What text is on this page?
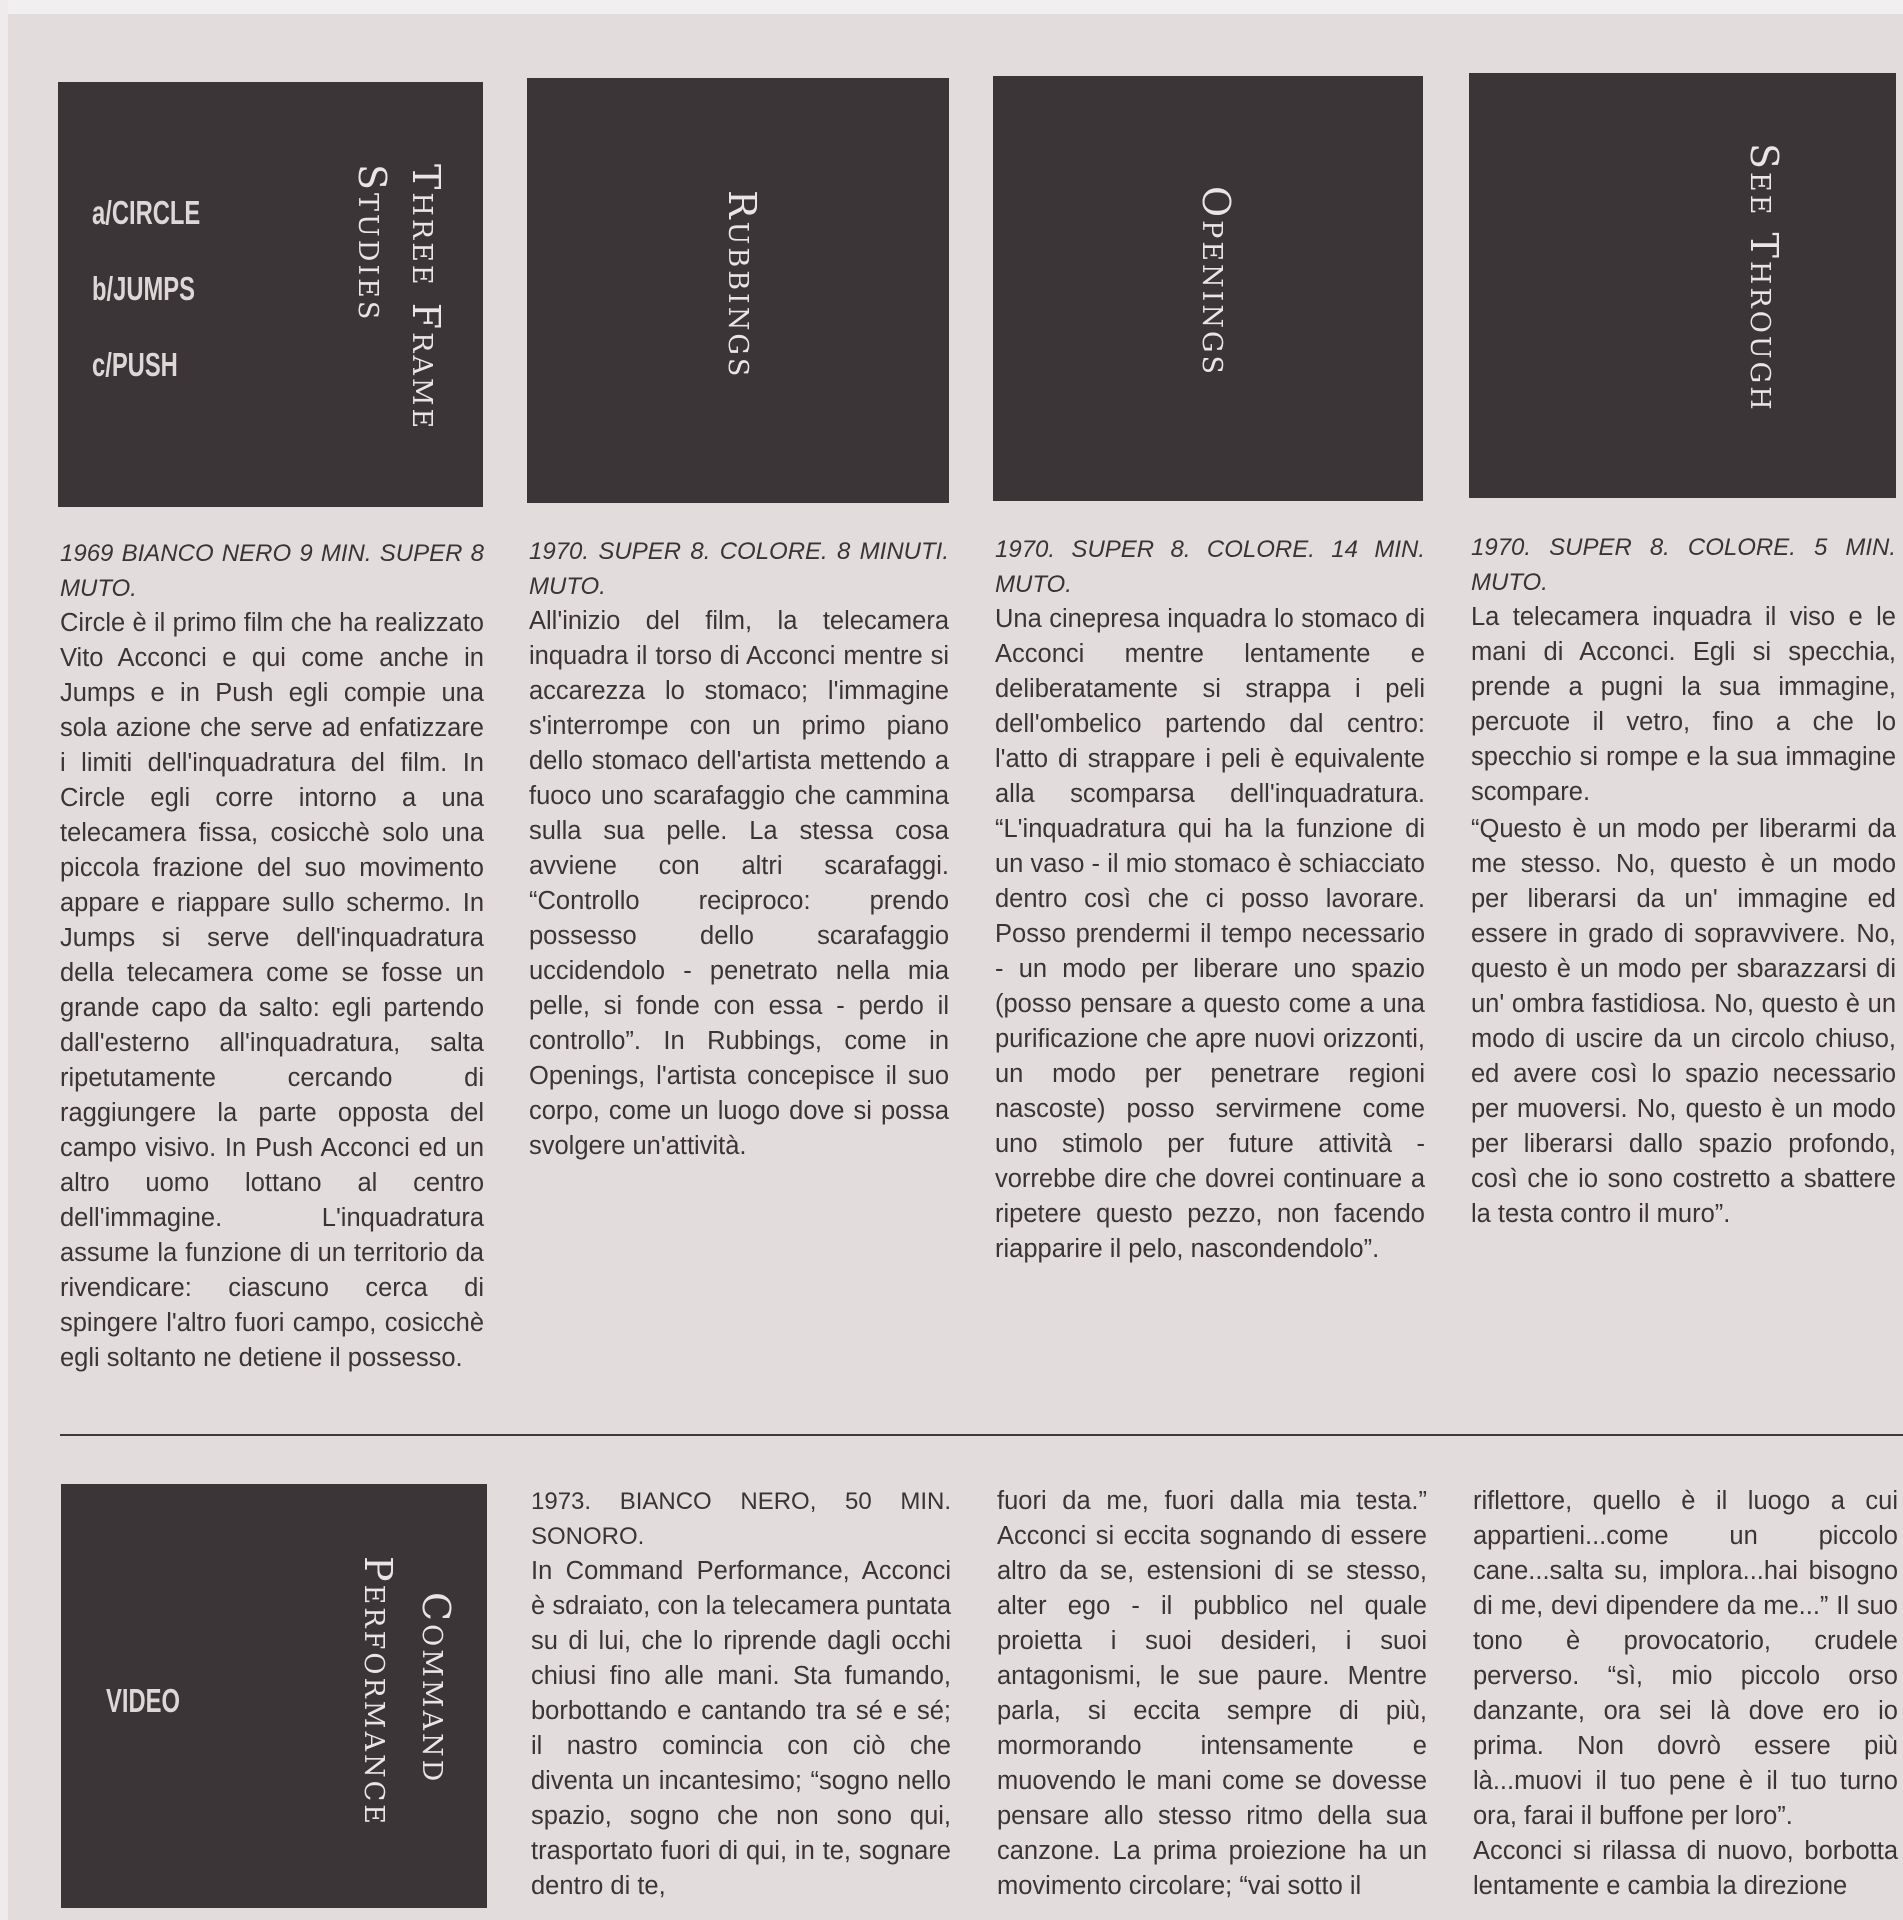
a/CIRCLE
b/JUMPS
c/PUSH	Three Frame Studies	Rubbings	Openings	See Through

1969 BIANCO NERO 9 MIN. SUPER 8 MUTO.

Circle è il primo film che ha realizzato Vito Acconci e qui come anche in Jumps e in Push egli compie una sola azione che serve ad enfatizzare i limiti dell'inquadratura del film. In Circle egli corre intorno a una telecamera fissa, cosicchè solo una piccola frazione del suo movimento appare e riappare sullo schermo. In Jumps si serve dell'inquadratura della telecamera come se fosse un grande capo da salto: egli partendo dall'esterno all'inquadratura, salta ripetutamente cercando di raggiungere la parte opposta del campo visivo. In Push Acconci ed un altro uomo lottano al centro dell'immagine. L'inquadratura assume la funzione di un territorio da rivendicare: ciascuno cerca di spingere l'altro fuori campo, cosicchè egli soltanto ne detiene il possesso.

1970. SUPER 8. COLORE. 8 MINUTI. MUTO.

All'inizio del film, la telecamera inquadra il torso di Acconci mentre si accarezza lo stomaco; l'immagine s'interrompe con un primo piano dello stomaco dell'artista mettendo a fuoco uno scarafaggio che cammina sulla sua pelle. La stessa cosa avviene con altri scarafaggi. “Controllo reciproco: prendo possesso dello scarafaggio uccidendolo - penetrato nella mia pelle, si fonde con essa - perdo il controllo”. In Rubbings, come in Openings, l'artista concepisce il suo corpo, come un luogo dove si possa svolgere un'attività.

1970. SUPER 8. COLORE. 14 MIN. MUTO.

Una cinepresa inquadra lo stomaco di Acconci mentre lentamente e deliberatamente si strappa i peli dell'ombelico partendo dal centro: l'atto di strappare i peli è equivalente alla scomparsa dell'inquadratura. “L'inquadratura qui ha la funzione di un vaso - il mio stomaco è schiacciato dentro così che ci posso lavorare. Posso prendermi il tempo necessario - un modo per liberare uno spazio (posso pensare a questo come a una purificazione che apre nuovi orizzonti, un modo per penetrare regioni nascoste) posso servirmene come uno stimolo per future attività - vorrebbe dire che dovrei continuare a ripetere questo pezzo, non facendo riapparire il pelo, nascondendolo”.

1970. SUPER 8. COLORE. 5 MIN. MUTO.

La telecamera inquadra il viso e le mani di Acconci. Egli si specchia, prende a pugni la sua immagine, percuote il vetro, fino a che lo specchio si rompe e la sua immagine scompare.

“Questo è un modo per liberarmi da me stesso. No, questo è un modo per liberarsi da un' immagine ed essere in grado di sopravvivere. No, questo è un modo per sbarazzarsi di un' ombra fastidiosa. No, questo è un modo di uscire da un circolo chiuso, ed avere così lo spazio necessario per muoversi. No, questo è un modo per liberarsi dallo spazio profondo, così che io sono costretto a sbattere la testa contro il muro”.

VIDEO	Command
Performance

1973. BIANCO NERO, 50 MIN. SONORO.

In Command Performance, Acconci è sdraiato, con la telecamera puntata su di lui, che lo riprende dagli occhi chiusi fino alle mani. Sta fumando, borbottando e cantando tra sé e sé; il nastro comincia con ciò che diventa un incantesimo; “sogno nello spazio, sogno che non sono qui, trasportato fuori di qui, in te, sognare dentro di te,

fuori da me, fuori dalla mia testa.” Acconci si eccita sognando di essere altro da se, estensioni di se stesso, alter ego - il pubblico nel quale proietta i suoi desideri, i suoi antagonismi, le sue paure. Mentre parla, si eccita sempre di più, mormorando intensamente e muovendo le mani come se dovesse pensare allo stesso ritmo della sua canzone. La prima proiezione ha un movimento circolare; “vai sotto il

riflettore, quello è il luogo a cui appartieni...come un piccolo cane...salta su, implora...hai bisogno di me, devi dipendere da me...” Il suo tono è provocatorio, crudele perverso. “sì, mio piccolo orso danzante, ora sei là dove ero io prima. Non dovrò essere più là...muovi il tuo pene è il tuo turno ora, farai il buffone per loro”.

Acconci si rilassa di nuovo, borbotta lentamente e cambia la direzione
